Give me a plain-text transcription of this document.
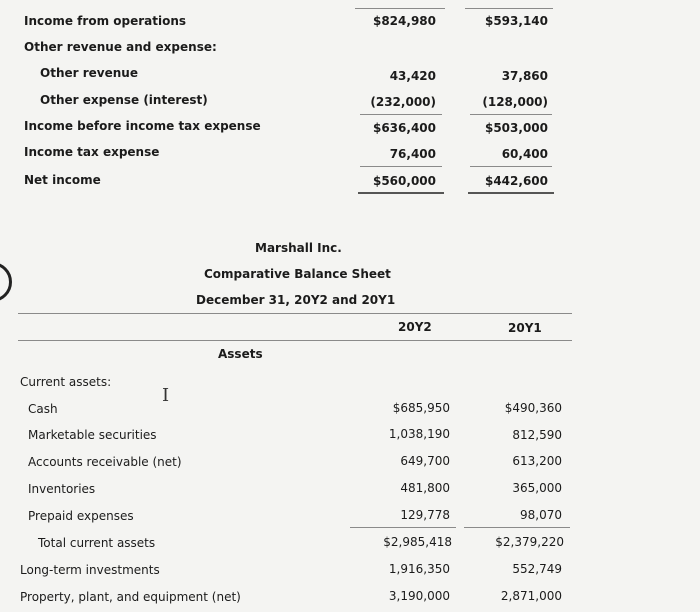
Income from operations	$824,980	$593,140
Other revenue and expense:
Other revenue	43,420	37,860
Other expense (interest)	(232,000)	(128,000)
Income before income tax expense	$636,400	$503,000
Income tax expense	76,400	60,400
Net income	$560,000	$442,600
Marshall Inc.
Comparative Balance Sheet
December 31, 20Y2 and 20Y1
20Y2	20Y1
Assets
Current assets:
I
Cash	$685,950	$490,360
Marketable securities	1,038,190	812,590
Accounts receivable (net)	649,700	613,200
Inventories	481,800	365,000
Prepaid expenses	129,778	98,070
Total current assets	$2,985,418	$2,379,220
Long-term investments	1,916,350	552,749
Property, plant, and equipment (net)	3,190,000	2,871,000
